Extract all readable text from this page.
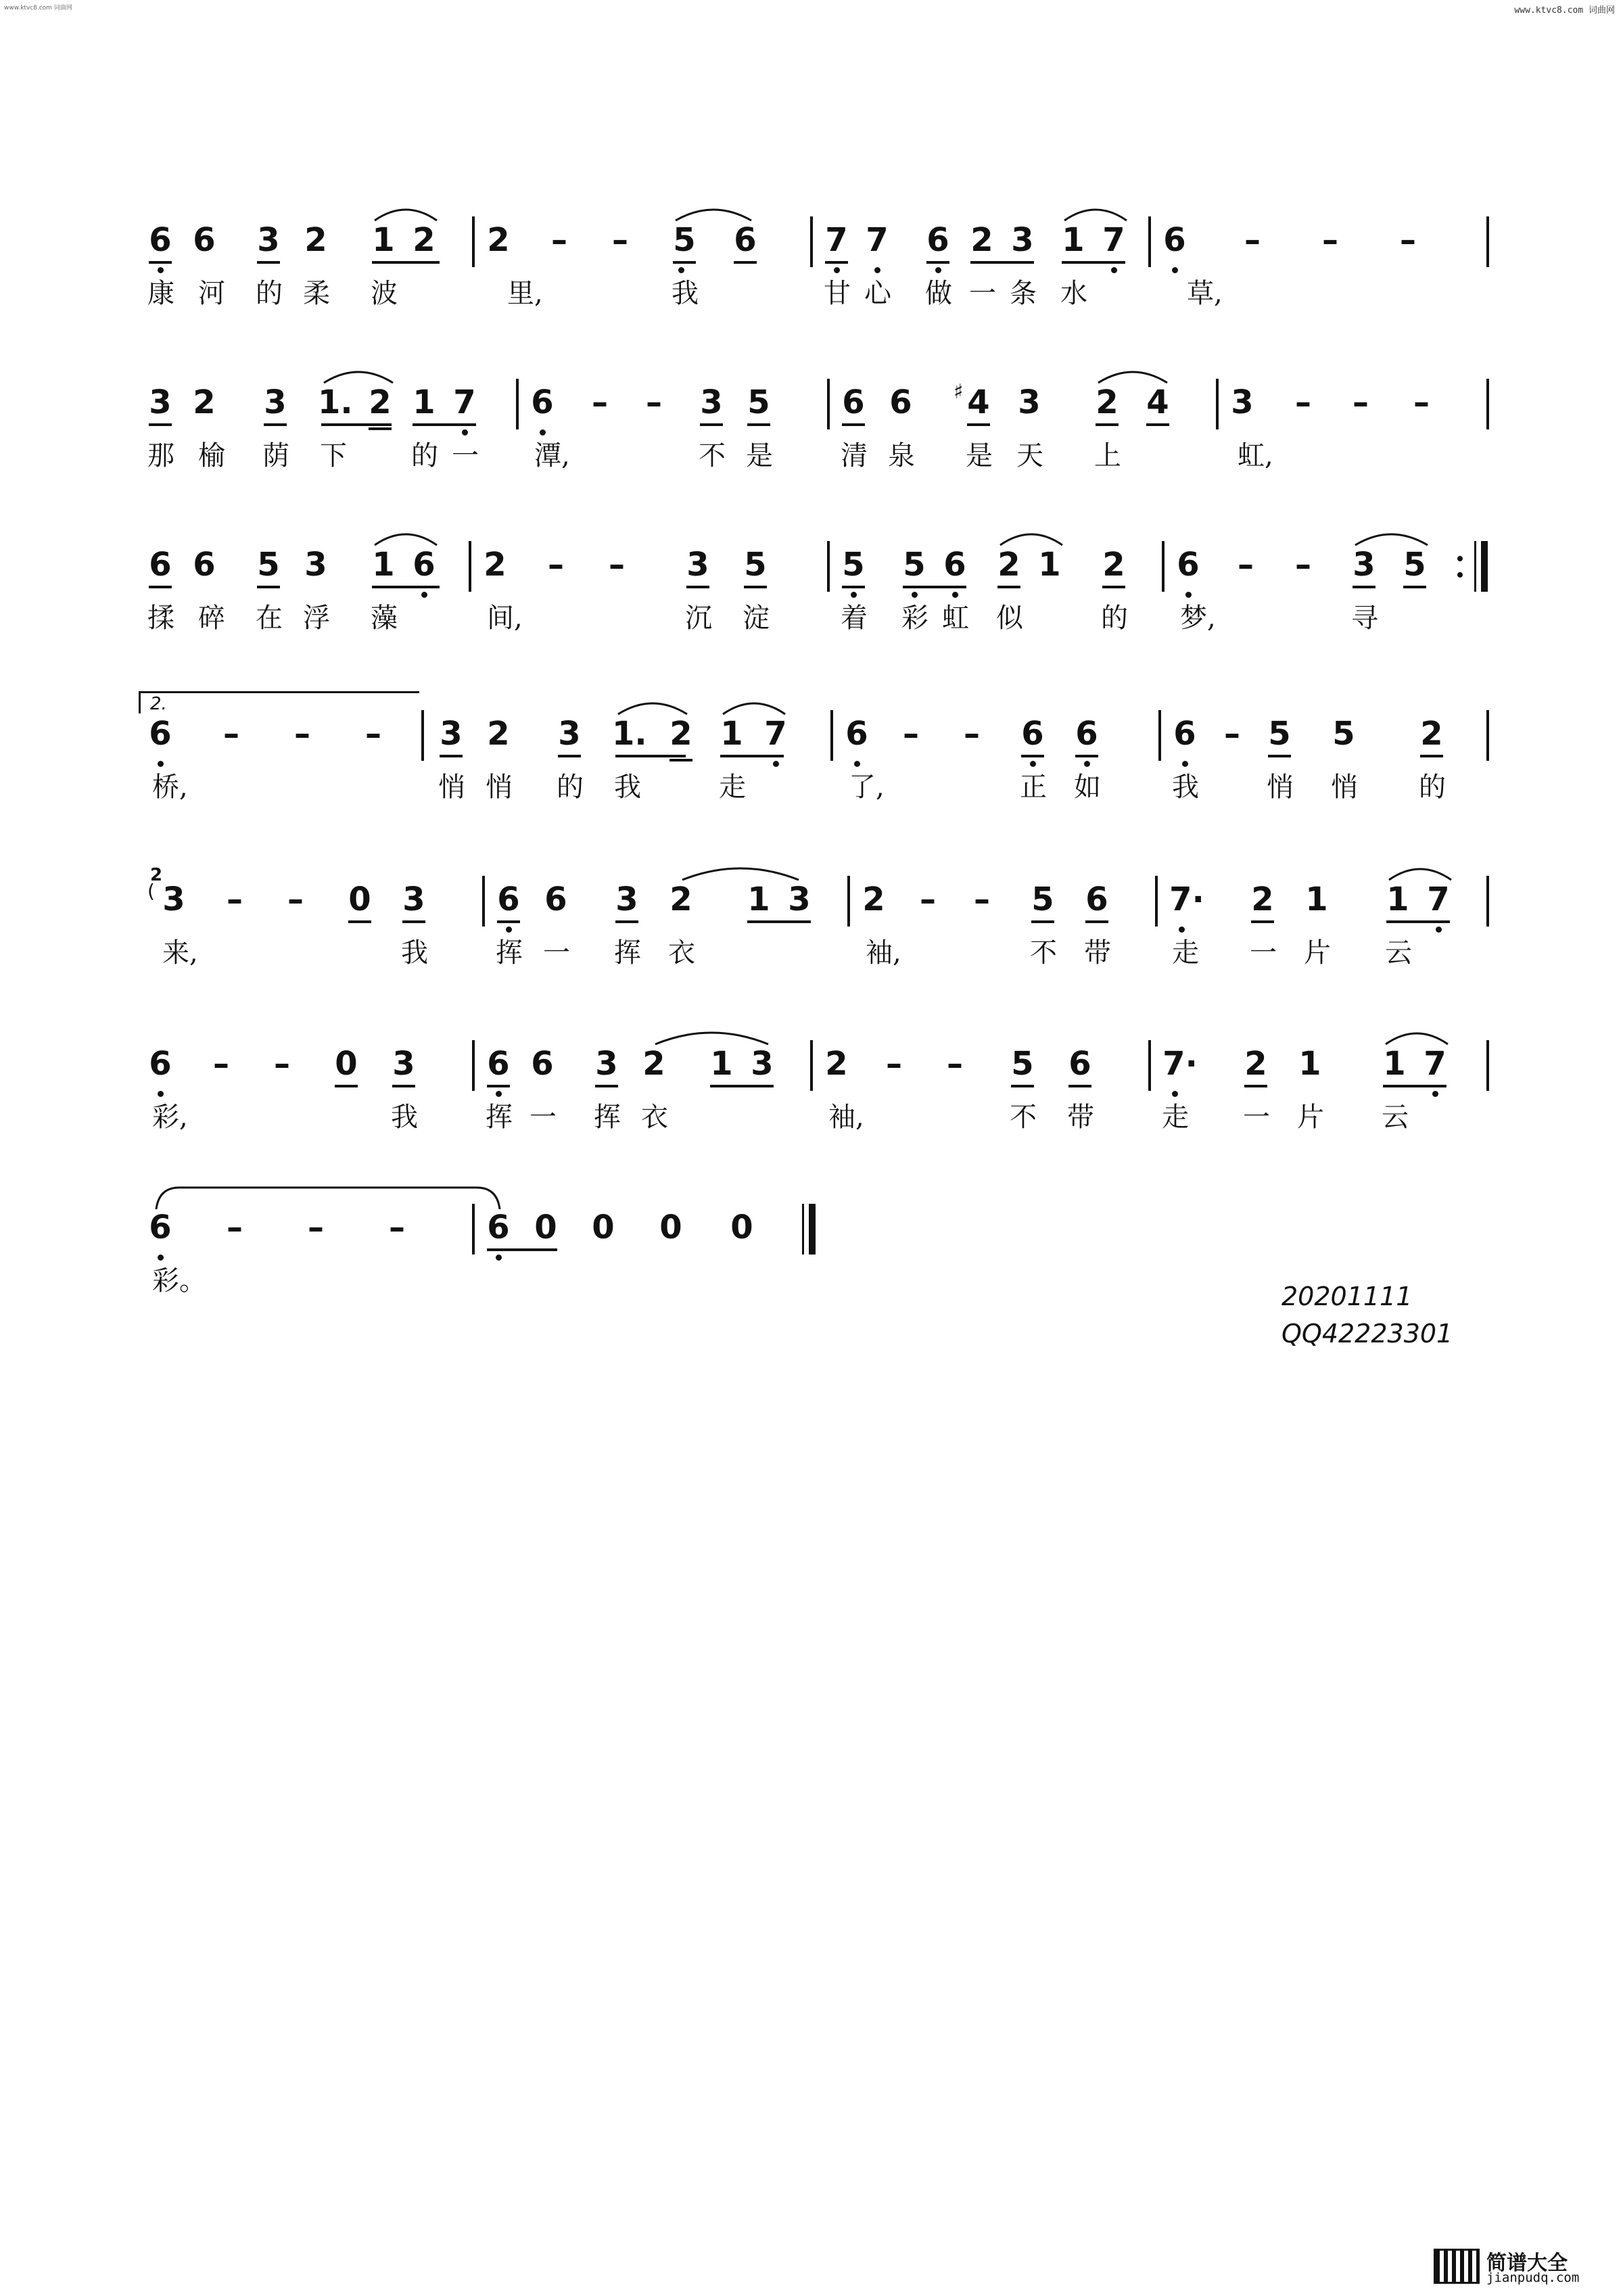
www.ktvc8.com 词曲网	www.ktvc8.com 词曲网
6 6 3 2 1 2 2 – – 5 6 7 7 6 2 3 1 7 6 – – –
康 河 的 柔 波	里,	我	甘 心 做 一 条 水	草,
3 2 3 1. 2 1 7 6 – – 3 5 6 6 ♯ 4 3 2 4 3 – – –
那 榆 荫 下 的 一 潭,	不 是	清 泉 是 天 上	虹,
6 6 5 3 1 6 2 – – 3 5 5 5 6 2 1 2 6 – – 3 5
揉 碎 在 浮 藻	间,	沉 淀	着 彩 虹 似	的 梦,	寻
2.
6 – – – 3 2 3 1. 2 1 7 6 – – 6 6 6 – 5 5 2
桥,	悄 悄 的 我	走	了,	正 如	我	悄 悄 的
2
( 3 – – 0 3 6 6 3 2 1 3 2 – – 5 6 7· 2 1 1 7
来,	我	挥 一 挥 衣	袖,	不 带 走 一 片 云
6 – – 0 3 6 6 3 2 1 3 2 – – 5 6 7· 2 1 1 7
彩,	我	挥 一 挥 衣	袖,	不 带	走 一 片 云
6 – – –	6 0 0 0 0
彩。	20201111
QQ42223301
简谱大全
jianpudq.com
